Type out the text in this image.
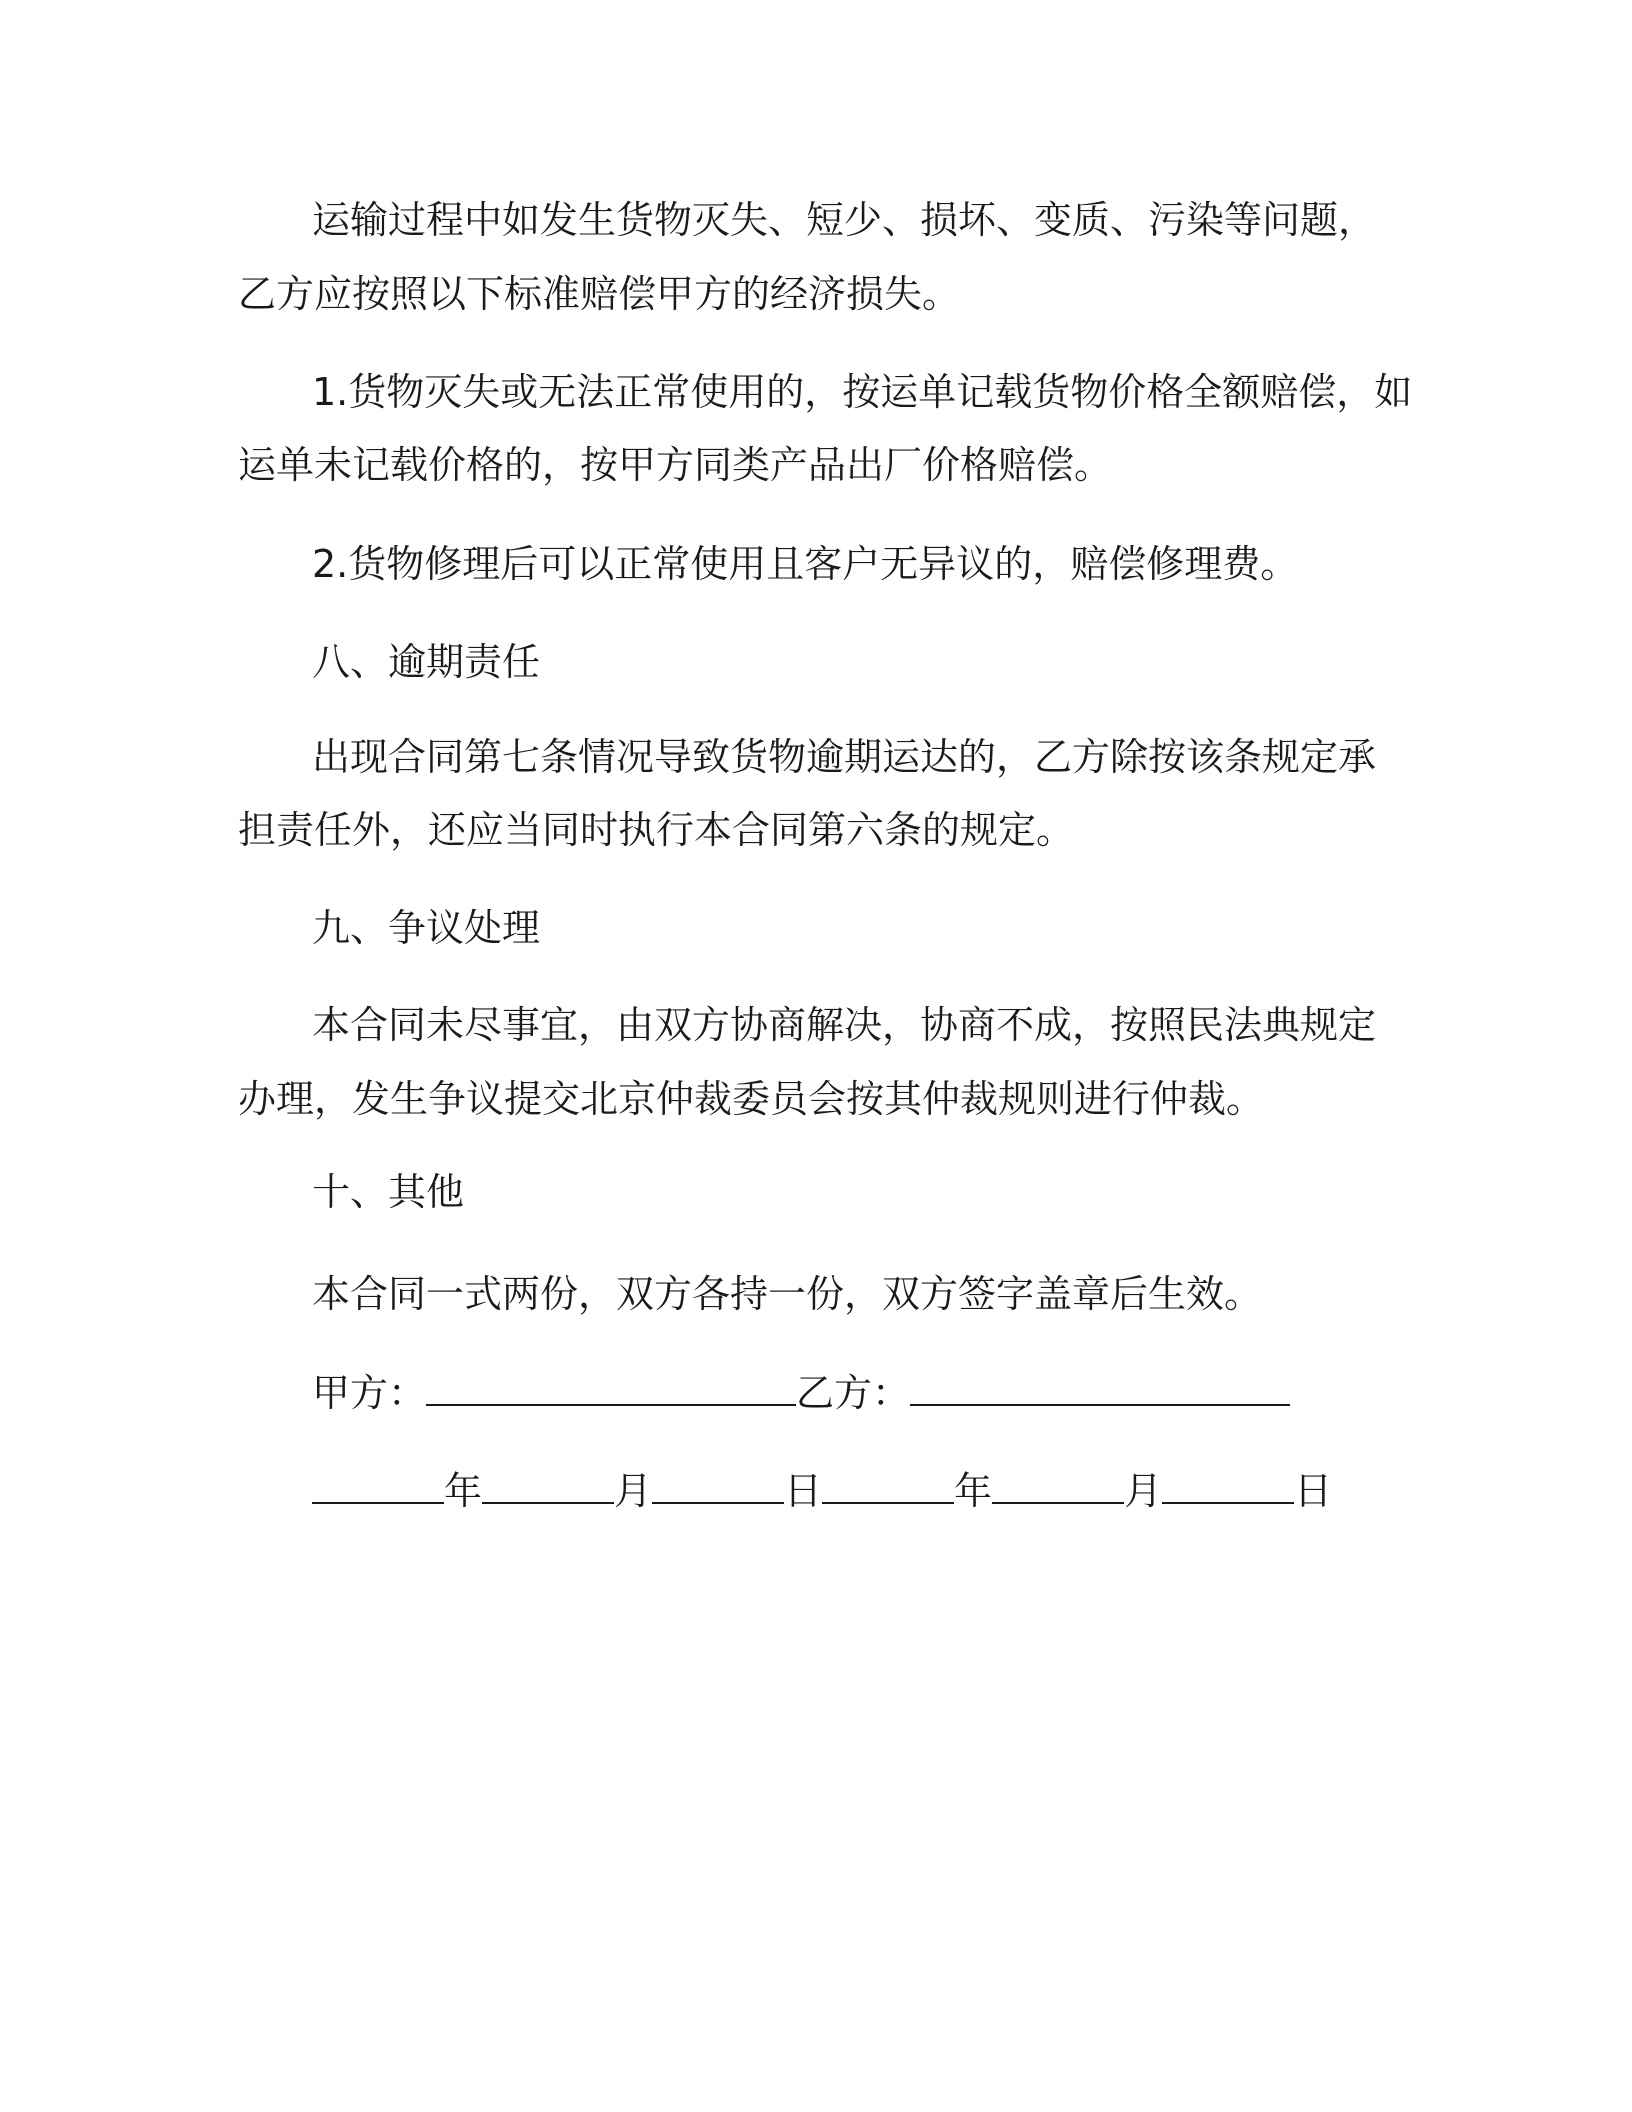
运输过程中如发生货物灭失、短少、损坏、变质、污染等问题，
乙方应按照以下标准赔偿甲方的经济损失。
1.货物灭失或无法正常使用的，按运单记载货物价格全额赔偿，如
运单未记载价格的，按甲方同类产品出厂价格赔偿。
2.货物修理后可以正常使用且客户无异议的，赔偿修理费。
八、逾期责任
出现合同第七条情况导致货物逾期运达的，乙方除按该条规定承
担责任外，还应当同时执行本合同第六条的规定。
九、争议处理
本合同未尽事宜，由双方协商解决，协商不成，按照民法典规定
办理，发生争议提交北京仲裁委员会按其仲裁规则进行仲裁。
十、其他
本合同一式两份，双方各持一份，双方签字盖章后生效。
甲方：	乙方：
年	月	日	年	月	日
